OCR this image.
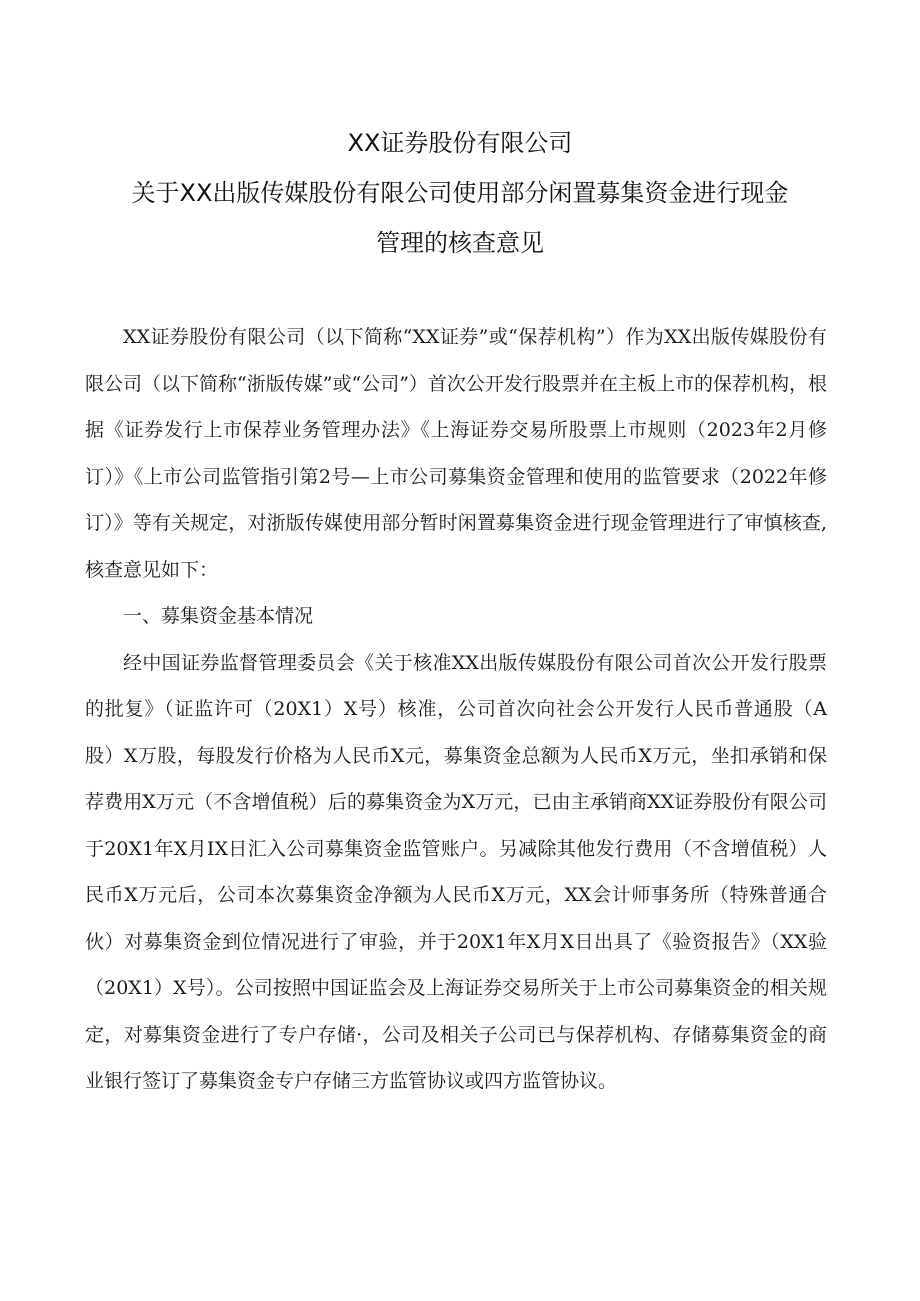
XX证券股份有限公司
关于XX出版传媒股份有限公司使用部分闲置募集资金进行现金
管理的核查意见

XX证券股份有限公司（以下简称“XX证券”或“保荐机构”）作为XX出版传媒股份有限公司（以下简称“浙版传媒”或“公司”）首次公开发行股票并在主板上市的保荐机构，根据《证券发行上市保荐业务管理办法》《上海证券交易所股票上市规则（2023年2月修订）》《上市公司监管指引第2号—上市公司募集资金管理和使用的监管要求（2022年修订）》等有关规定，对浙版传媒使用部分暂时闲置募集资金进行现金管理进行了审慎核查,核查意见如下：

一、募集资金基本情况

经中国证券监督管理委员会《关于核准XX出版传媒股份有限公司首次公开发行股票的批复》（证监许可（20X1）X号）核准，公司首次向社会公开发行人民币普通股（A股）X万股，每股发行价格为人民币X元，募集资金总额为人民币X万元，坐扣承销和保荐费用X万元（不含增值税）后的募集资金为X万元，已由主承销商XX证券股份有限公司于20X1年X月IX日汇入公司募集资金监管账户。另减除其他发行费用（不含增值税）人民币X万元后，公司本次募集资金净额为人民币X万元，XX会计师事务所（特殊普通合伙）对募集资金到位情况进行了审验，并于20X1年X月X日出具了《验资报告》（XX验（20X1）X号）。公司按照中国证监会及上海证券交易所关于上市公司募集资金的相关规定，对募集资金进行了专户存储·，公司及相关子公司已与保荐机构、存储募集资金的商业银行签订了募集资金专户存储三方监管协议或四方监管协议。
